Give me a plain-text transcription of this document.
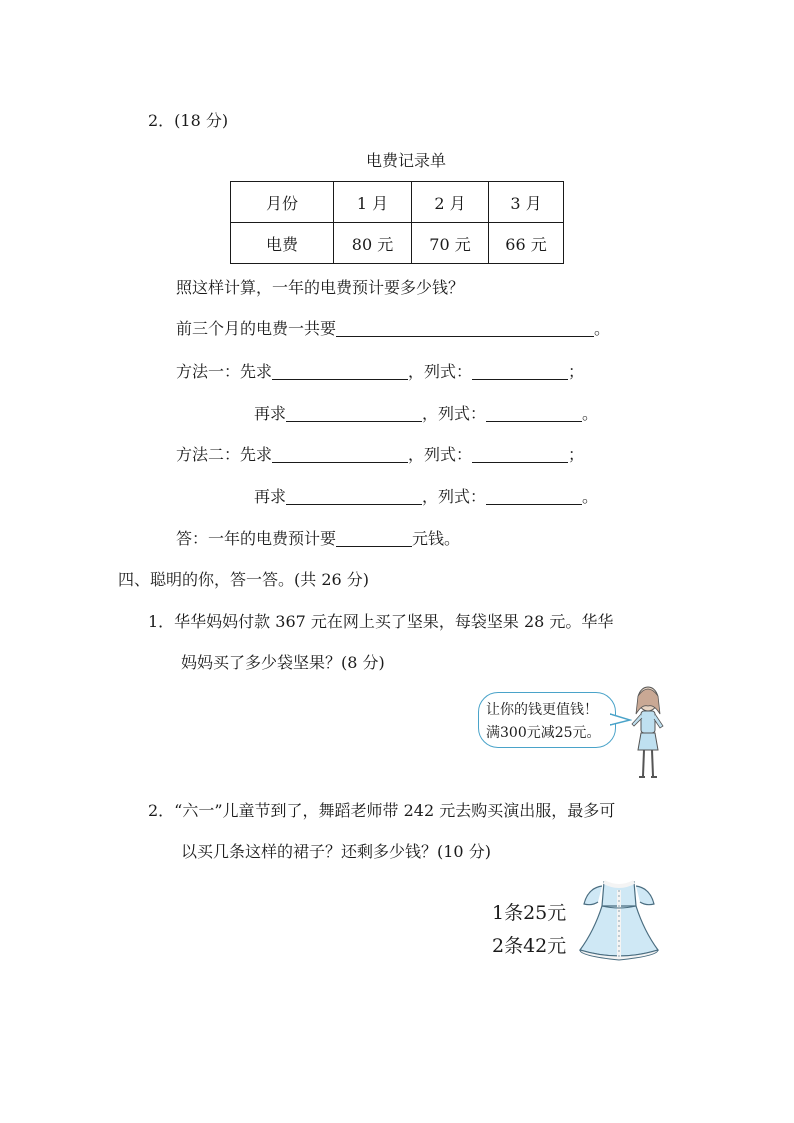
2．(18 分)
电费记录单
月份	1 月	2 月	3 月
电费	80 元	70 元	66 元
照这样计算，一年的电费预计要多少钱？
前三个月的电费一共要	。
方法一：先求	，列式：	；
再求	，列式：	。
方法二：先求	，列式：	；
再求	，列式：	。
答：一年的电费预计要	元钱。
四、聪明的你，答一答。(共 26 分)
1．华华妈妈付款 367 元在网上买了坚果，每袋坚果 28 元。华华
妈妈买了多少袋坚果？(8 分)
让你的钱更值钱！
满300元减25元。
2．“六一”儿童节到了，舞蹈老师带 242 元去购买演出服，最多可
以买几条这样的裙子？还剩多少钱？(10 分)
1条25元
2条42元
